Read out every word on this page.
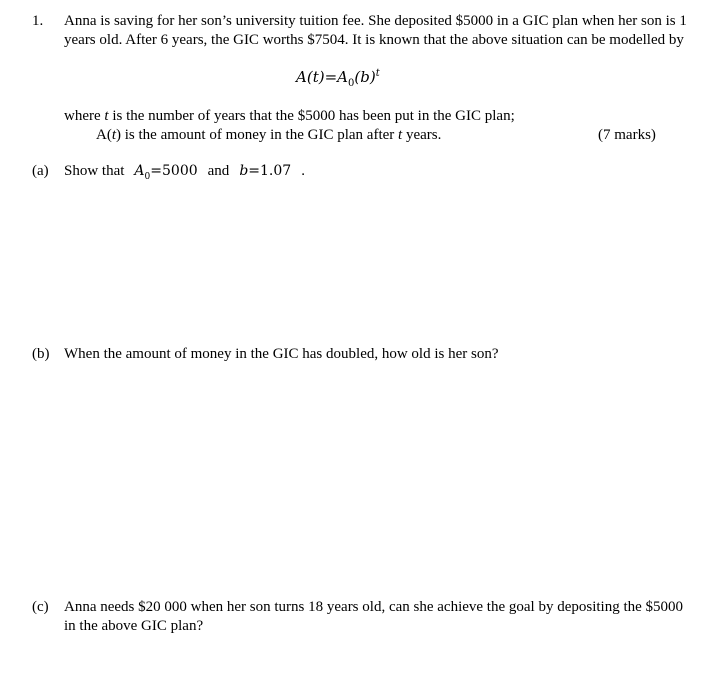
1. Anna is saving for her son’s university tuition fee. She deposited $5000 in a GIC plan when her son is 1 years old. After 6 years, the GIC worths $7504. It is known that the above situation can be modelled by
$A(t)=A_0(b)^t$
where t is the number of years that the $5000 has been put in the GIC plan;
A(t) is the amount of money in the GIC plan after t years.	(7 marks)
(a) Show that $A_0=5000$ and b=1.07 .
(b) When the amount of money in the GIC has doubled, how old is her son?
(c) Anna needs $20 000 when her son turns 18 years old, can she achieve the goal by depositing the $5000 in the above GIC plan?
